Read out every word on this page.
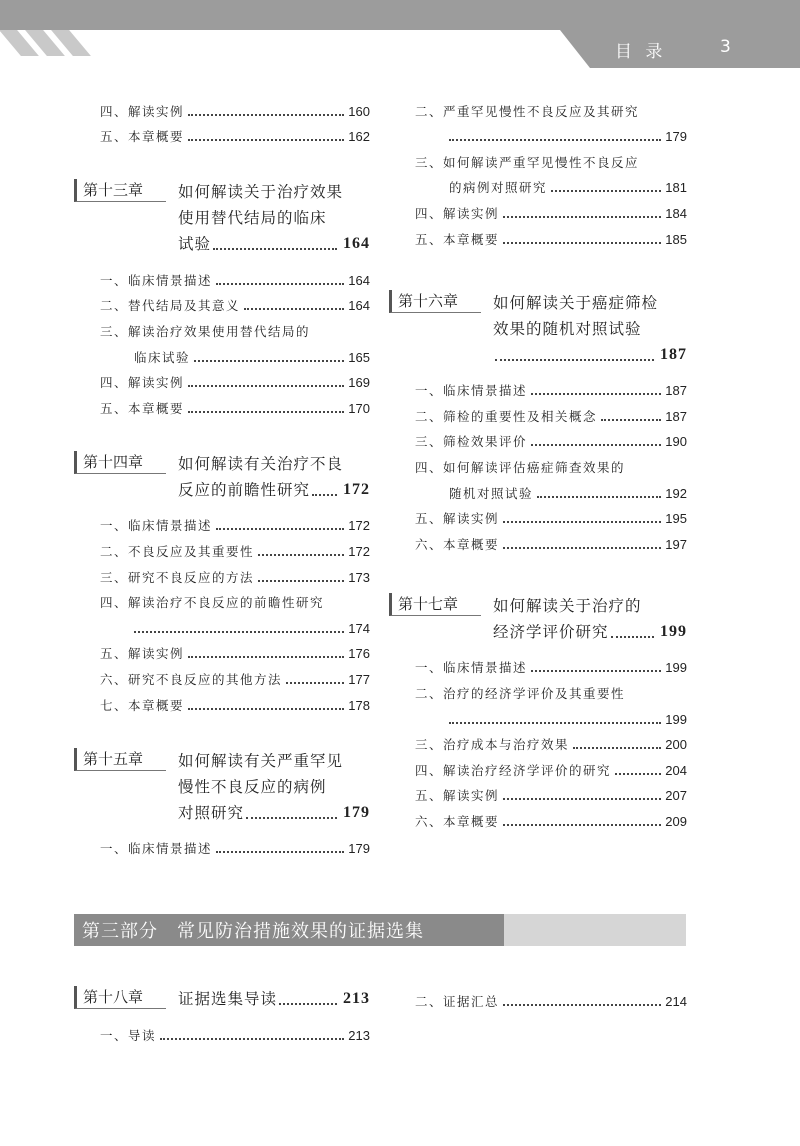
目 录	3
四、解读实例	160
五、本章概要	162
第十三章	如何解读关于治疗效果
使用替代结局的临床
试验	164
一、临床情景描述	164
二、替代结局及其意义	164
三、解读治疗效果使用替代结局的
临床试验	165
四、解读实例	169
五、本章概要	170
第十四章	如何解读有关治疗不良
反应的前瞻性研究 172
一、临床情景描述	172
二、不良反应及其重要性	172
三、研究不良反应的方法	173
四、解读治疗不良反应的前瞻性研究
174
五、解读实例	176
六、研究不良反应的其他方法	177
七、本章概要	178
第十五章	如何解读有关严重罕见
慢性不良反应的病例
对照研究	179
一、临床情景描述	179
二、严重罕见慢性不良反应及其研究
179
三、如何解读严重罕见慢性不良反应
的病例对照研究	181
四、解读实例	184
五、本章概要	185
第十六章	如何解读关于癌症筛检
效果的随机对照试验
187
一、临床情景描述	187
二、筛检的重要性及相关概念	187
三、筛检效果评价	190
四、如何解读评估癌症筛查效果的
随机对照试验	192
五、解读实例	195
六、本章概要	197
第十七章	如何解读关于治疗的
经济学评价研究	199
一、临床情景描述	199
二、治疗的经济学评价及其重要性
199
三、治疗成本与治疗效果	200
四、解读治疗经济学评价的研究	204
五、解读实例	207
六、本章概要	209
第三部分　常见防治措施效果的证据选集
第十八章	证据选集导读	213
一、导读	213
二、证据汇总	214
